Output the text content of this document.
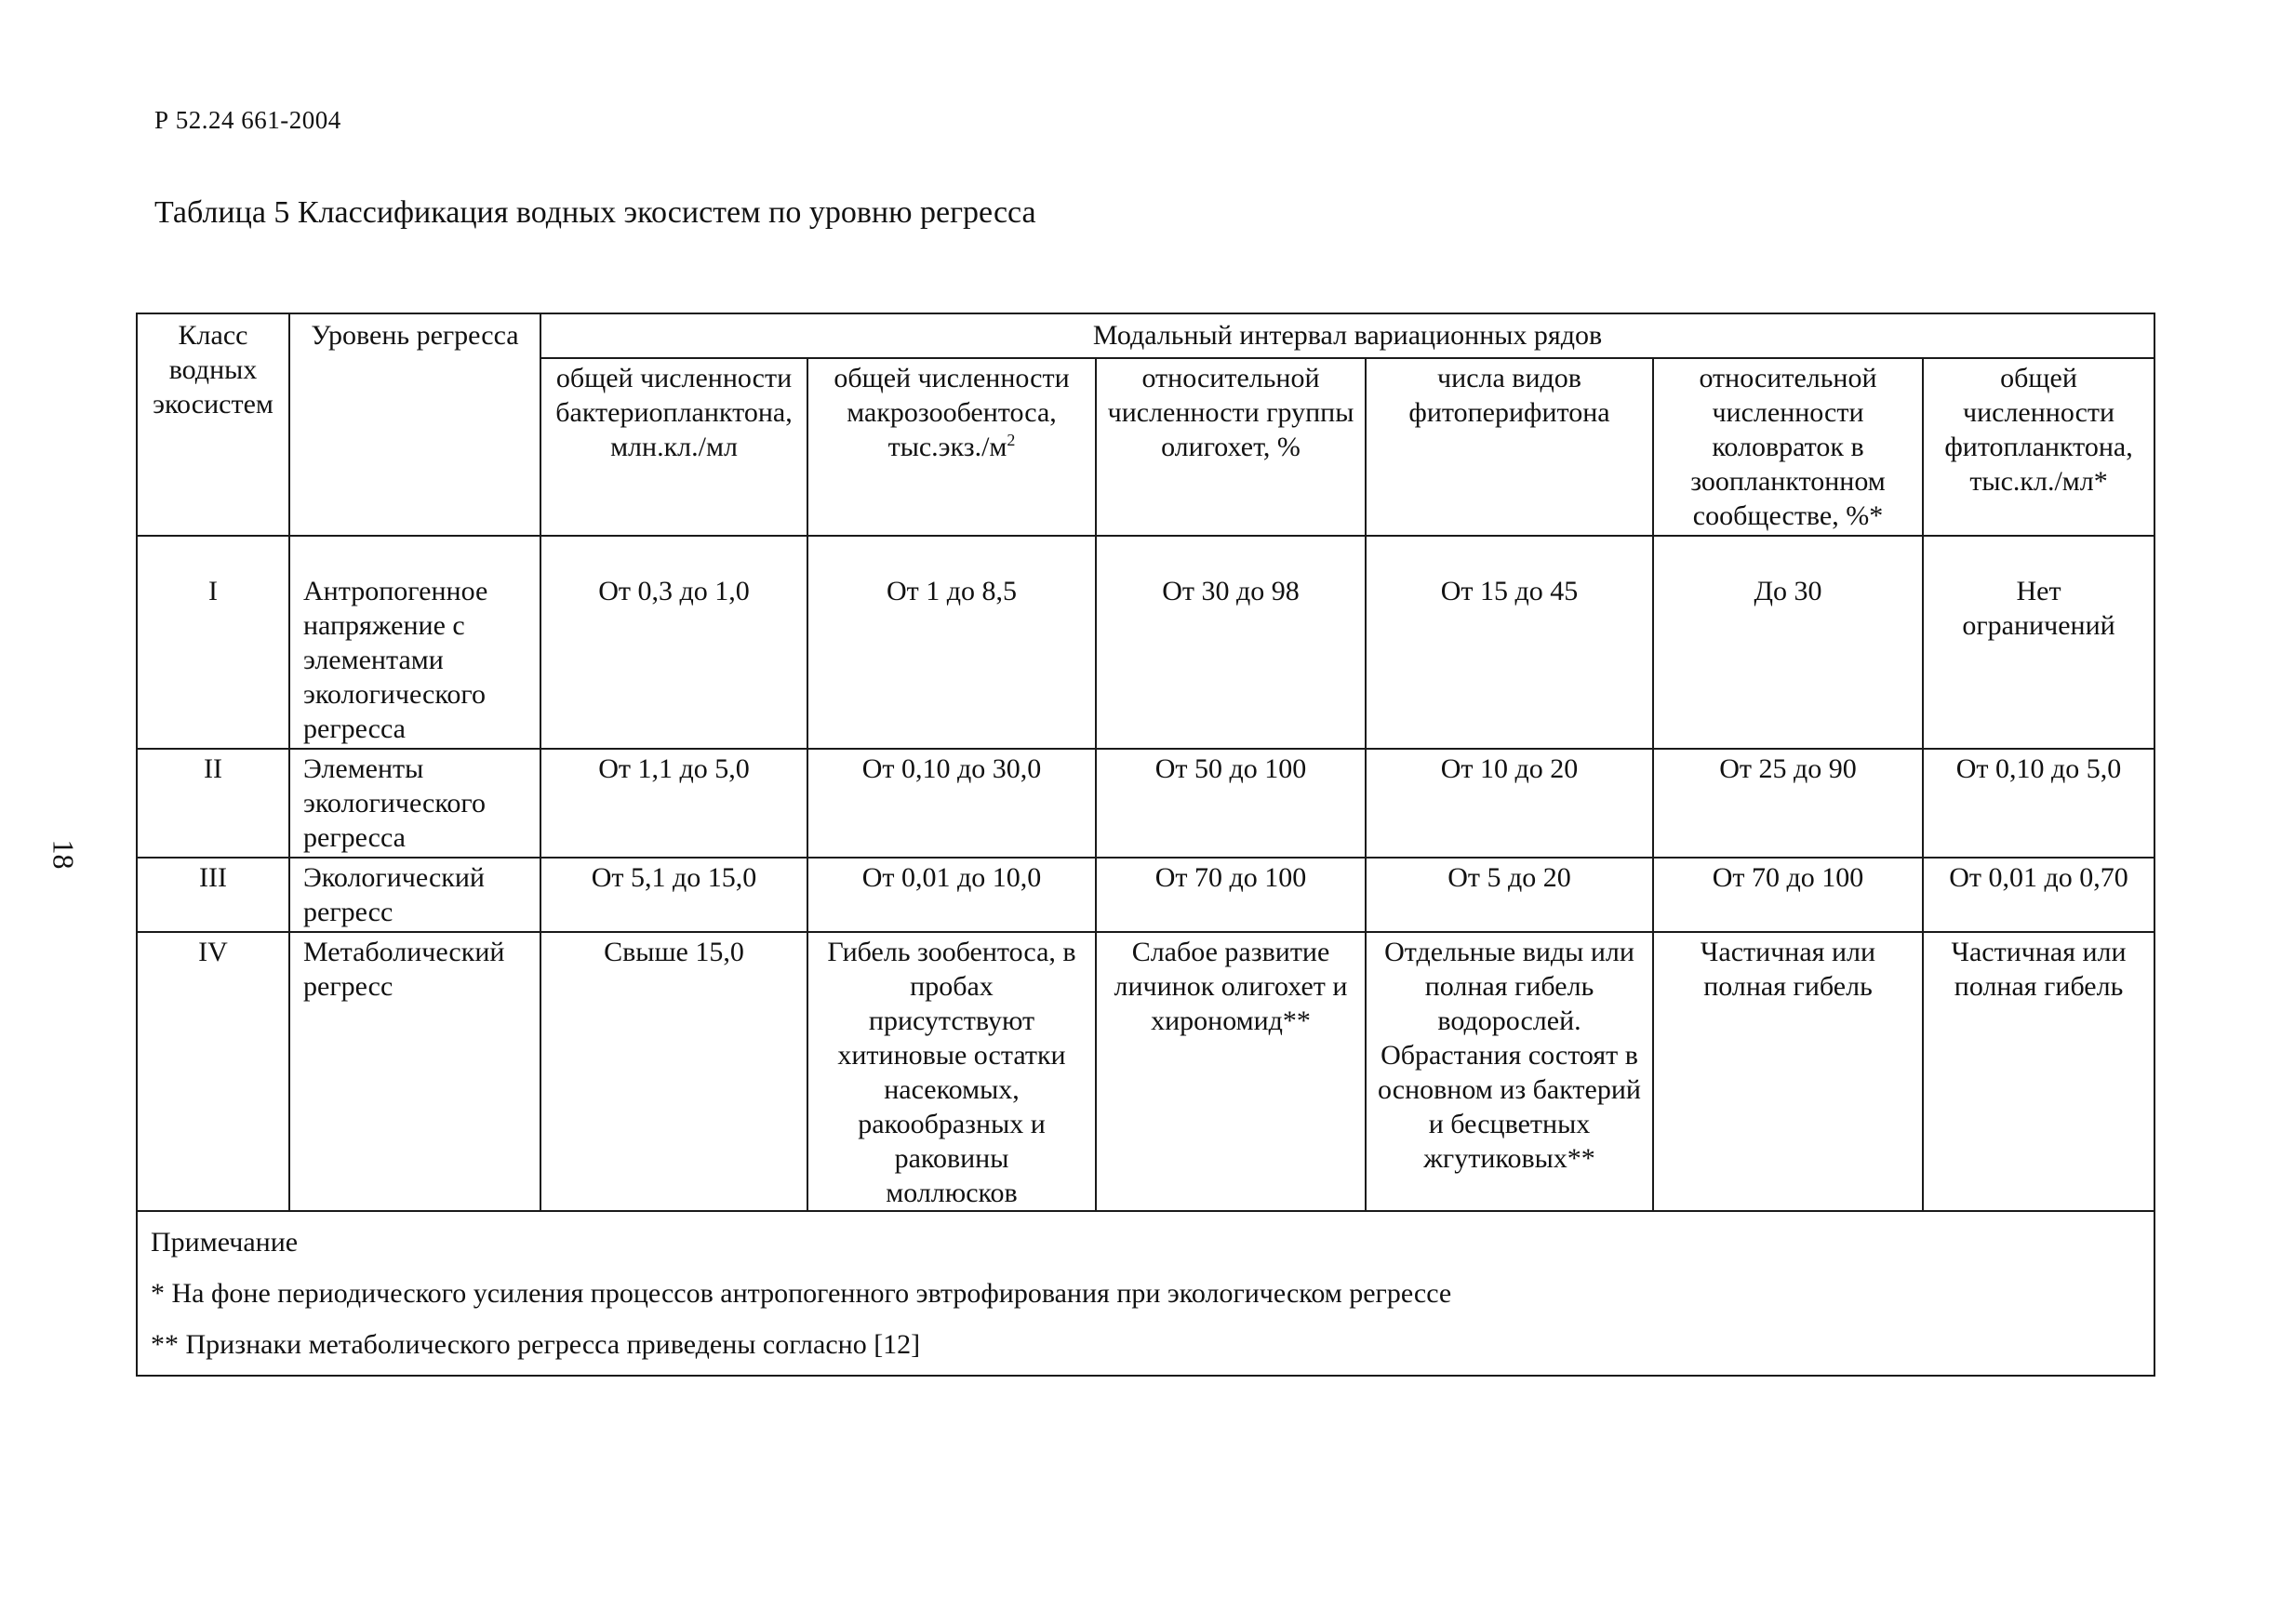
Р 52.24 661-2004
Таблица 5 Классификация водных экосистем по уровню регресса
18
Класс водных экосистем	Уровень регресса	Модальный интервал вариационных рядов					
		общей численности бактериопланктона, млн.кл./мл	общей численности макрозообентоса, $тыс.экз./м^2$	относительной численности группы олигохет, %	числа видов фитоперифитона	относительной численности коловраток в зоопланктонном сообществе, %*	общей численности фитопланктона, тыс.кл./мл*
I	Антропогенное напряжение с элементами экологического регресса	От 0,3 до 1,0	От 1 до 8,5	От 30 до 98	От 15 до 45	До 30	Нет ограничений
II	Элементы экологического регресса	От 1,1 до 5,0	От 0,10 до 30,0	От 50 до 100	От 10 до 20	От 25 до 90	От 0,10 до 5,0
III	Экологический регресс	От 5,1 до 15,0	От 0,01 до 10,0	От 70 до 100	От 5 до 20	От 70 до 100	От 0,01 до 0,70
IV	Метаболический регресс	Свыше 15,0	Гибель зообентоса, в пробах присутствуют хитиновые остатки насекомых, ракообразных и раковины моллюсков	Слабое развитие личинок олигохет и хирономид**	Отдельные виды или полная гибель водорослей. Обрастания состоят в основном из бактерий и бесцветных жгутиковых**	Частичная или полная гибель	Частичная или полная гибель

Примечание
* На фоне периодического усиления процессов антропогенного эвтрофирования при экологическом регрессе
** Признаки метаболического регресса приведены согласно [12]							
